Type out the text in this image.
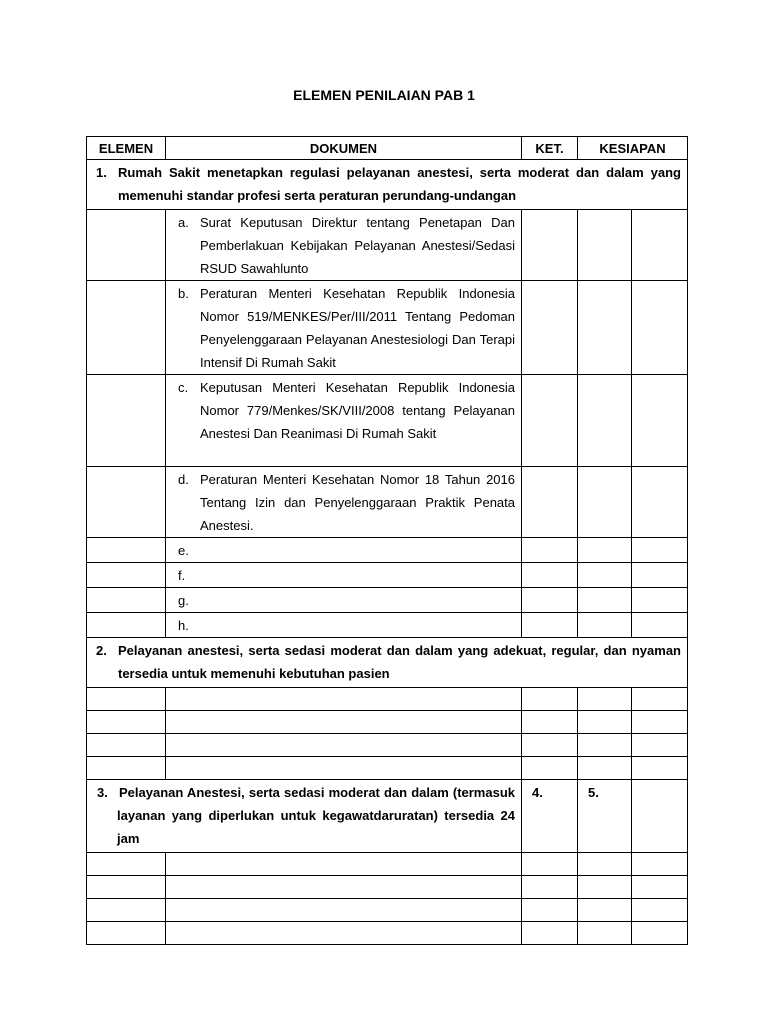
ELEMEN PENILAIAN PAB 1
ELEMEN	DOKUMEN	KET.	KESIAPAN	
1. Rumah Sakit menetapkan regulasi pelayanan anestesi, serta moderat dan dalam yang memenuhi standar profesi serta peraturan perundang-undangan				

	a. Surat Keputusan Direktur tentang Penetapan Dan Pemberlakuan Kebijakan Pelayanan Anestesi/Sedasi RSUD Sawahlunto			

	b. Peraturan Menteri Kesehatan Republik Indonesia Nomor 519/MENKES/Per/III/2011 Tentang Pedoman Penyelenggaraan Pelayanan Anestesiologi Dan Terapi Intensif Di Rumah Sakit			

	c. Keputusan Menteri Kesehatan Republik Indonesia Nomor 779/Menkes/SK/VIII/2008 tentang Pelayanan Anestesi Dan Reanimasi Di Rumah Sakit			

	d. Peraturan Menteri Kesehatan Nomor 18 Tahun 2016 Tentang Izin dan Penyelenggaraan Praktik Penata Anestesi.			

	e.			

	f.			

	g.			

	h.			

2. Pelayanan anestesi, serta sedasi moderat dan dalam yang adekuat, regular, dan nyaman tersedia untuk memenuhi kebutuhan pasien				

3. Pelayanan Anestesi, serta sedasi moderat dan dalam (termasuk layanan yang diperlukan untuk kegawatdaruratan) tersedia 24 jam		4.	5.	
